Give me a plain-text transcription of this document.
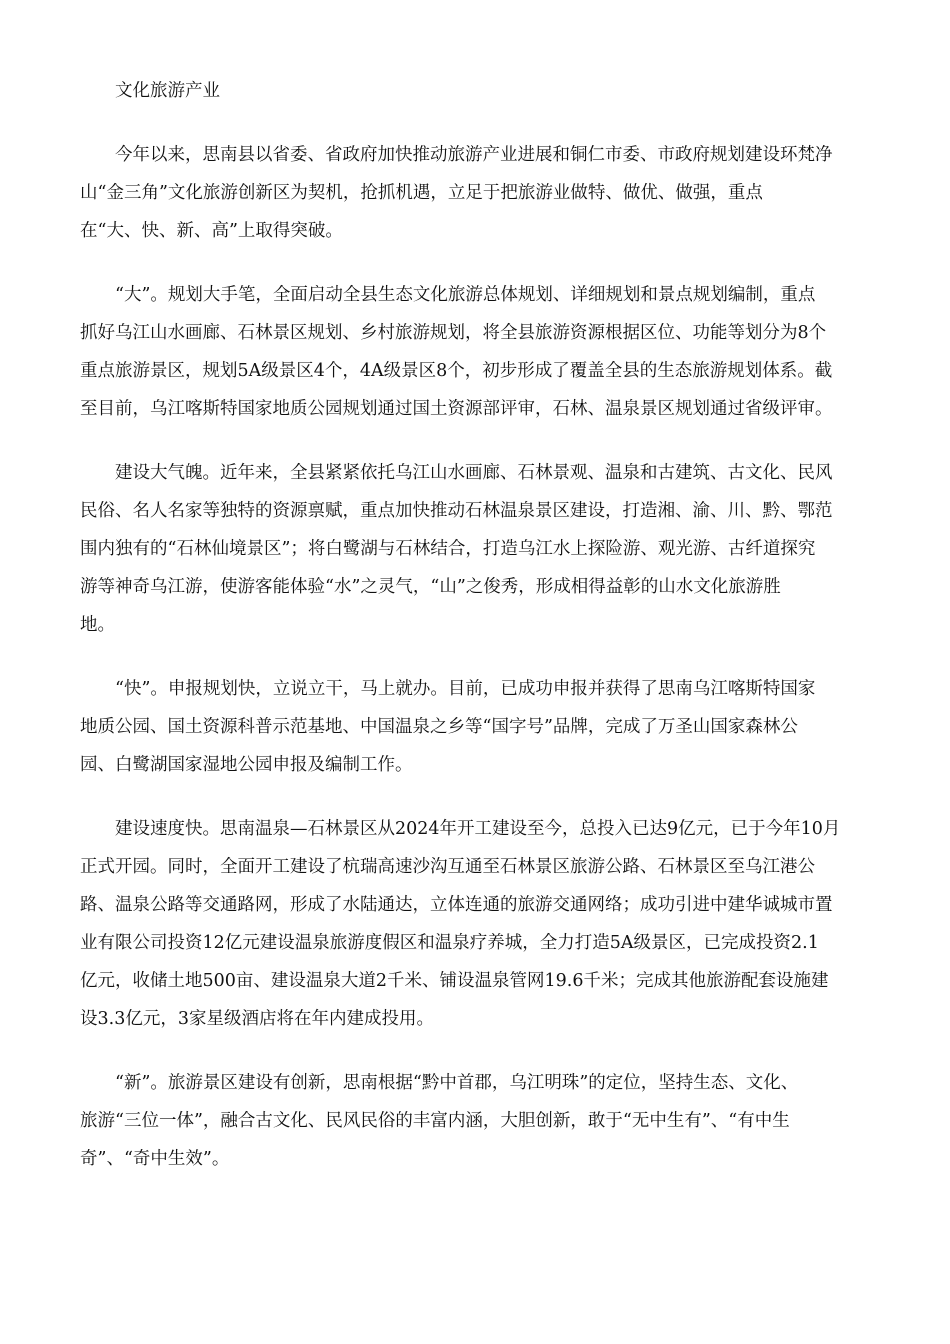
文化旅游产业
今年以来，思南县以省委、省政府加快推动旅游产业进展和铜仁市委、市政府规划建设环梵净
山“金三角”文化旅游创新区为契机，抢抓机遇，立足于把旅游业做特、做优、做强，重点
在“大、快、新、高”上取得突破。
“大”。规划大手笔，全面启动全县生态文化旅游总体规划、详细规划和景点规划编制，重点
抓好乌江山水画廊、石林景区规划、乡村旅游规划，将全县旅游资源根据区位、功能等划分为8个
重点旅游景区，规划5A级景区4个，4A级景区8个，初步形成了覆盖全县的生态旅游规划体系。截
至目前，乌江喀斯特国家地质公园规划通过国土资源部评审，石林、温泉景区规划通过省级评审。
建设大气魄。近年来，全县紧紧依托乌江山水画廊、石林景观、温泉和古建筑、古文化、民风
民俗、名人名家等独特的资源禀赋，重点加快推动石林温泉景区建设，打造湘、渝、川、黔、鄂范
围内独有的“石林仙境景区”；将白鹭湖与石林结合，打造乌江水上探险游、观光游、古纤道探究
游等神奇乌江游，使游客能体验“水”之灵气，“山”之俊秀，形成相得益彰的山水文化旅游胜
地。
“快”。申报规划快，立说立干，马上就办。目前，已成功申报并获得了思南乌江喀斯特国家
地质公园、国土资源科普示范基地、中国温泉之乡等“国字号”品牌，完成了万圣山国家森林公
园、白鹭湖国家湿地公园申报及编制工作。
建设速度快。思南温泉—石林景区从2024年开工建设至今，总投入已达9亿元，已于今年10月
正式开园。同时，全面开工建设了杭瑞高速沙沟互通至石林景区旅游公路、石林景区至乌江港公
路、温泉公路等交通路网，形成了水陆通达，立体连通的旅游交通网络；成功引进中建华诚城市置
业有限公司投资12亿元建设温泉旅游度假区和温泉疗养城，全力打造5A级景区，已完成投资2.1
亿元，收储土地500亩、建设温泉大道2千米、铺设温泉管网19.6千米；完成其他旅游配套设施建
设3.3亿元，3家星级酒店将在年内建成投用。
“新”。旅游景区建设有创新，思南根据“黔中首郡，乌江明珠”的定位，坚持生态、文化、
旅游“三位一体”，融合古文化、民风民俗的丰富内涵，大胆创新，敢于“无中生有”、“有中生
奇”、“奇中生效”。
